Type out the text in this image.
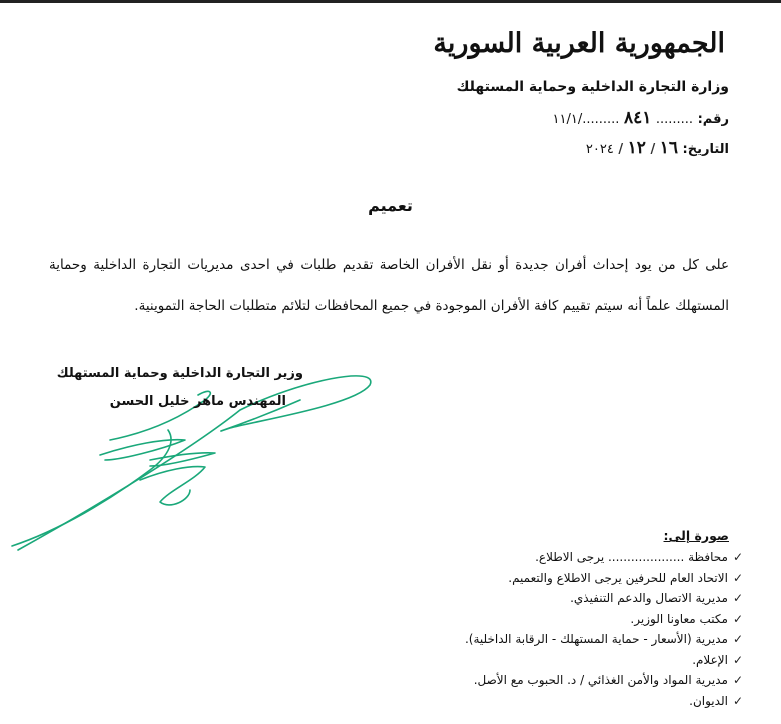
الجمهورية العربية السورية
وزارة التجارة الداخلية وحماية المستهلك
رقم: ......... ٨٤١ ........./١١/١
التاريخ: ١٦ / ١٢ / ٢٠٢٤
تعميم
على كل من يود إحداث أفران جديدة أو نقل الأفران الخاصة تقديم طلبات في احدى مديريات التجارة الداخلية وحماية
المستهلك علماً أنه سيتم تقييم كافة الأفران الموجودة في جميع المحافظات لتلائم متطلبات الحاجة التموينية.
وزير التجارة الداخلية وحماية المستهلك
المهندس ماهر خليل الحسن
صورة إلى:
✓محافظة .................... يرجى الاطلاع.
✓الاتحاد العام للحرفين يرجى الاطلاع والتعميم.
✓مديرية الاتصال والدعم التنفيذي.
✓مكتب معاونا الوزير.
✓مديرية (الأسعار - حماية المستهلك - الرقابة الداخلية).
✓الإعلام.
✓مديرية المواد والأمن الغذائي / د. الحبوب مع الأصل.
✓الديوان.
